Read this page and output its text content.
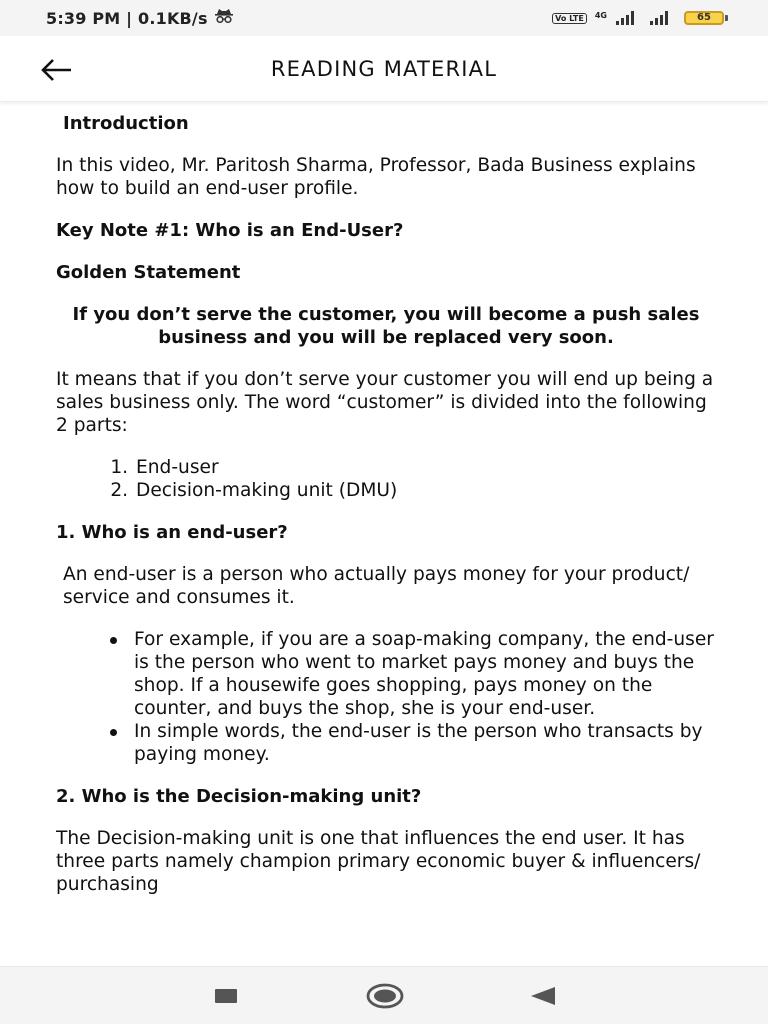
5:39 PM | 0.1KB/s	Vo LTE	4G	65
READING MATERIAL
Introduction

In this video, Mr. Paritosh Sharma, Professor, Bada Business explains how to build an end-user profile.

Key Note #1: Who is an End-User?
Golden Statement
If you don’t serve the customer, you will become a push sales business and you will be replaced very soon.

It means that if you don’t serve your customer you will end up being a sales business only. The word “customer” is divided into the following 2 parts:

1. End-user
2. Decision-making unit (DMU)
1. Who is an end-user?

An end-user is a person who actually pays money for your product/ service and consumes it.

For example, if you are a soap-making company, the end-user is the person who went to market pays money and buys the shop. If a housewife goes shopping, pays money on the counter, and buys the shop, she is your end-user.
In simple words, the end-user is the person who transacts by paying money.
2. Who is the Decision-making unit?

The Decision-making unit is one that influences the end user. It has three parts namely champion primary economic buyer & influencers/ purchasing
